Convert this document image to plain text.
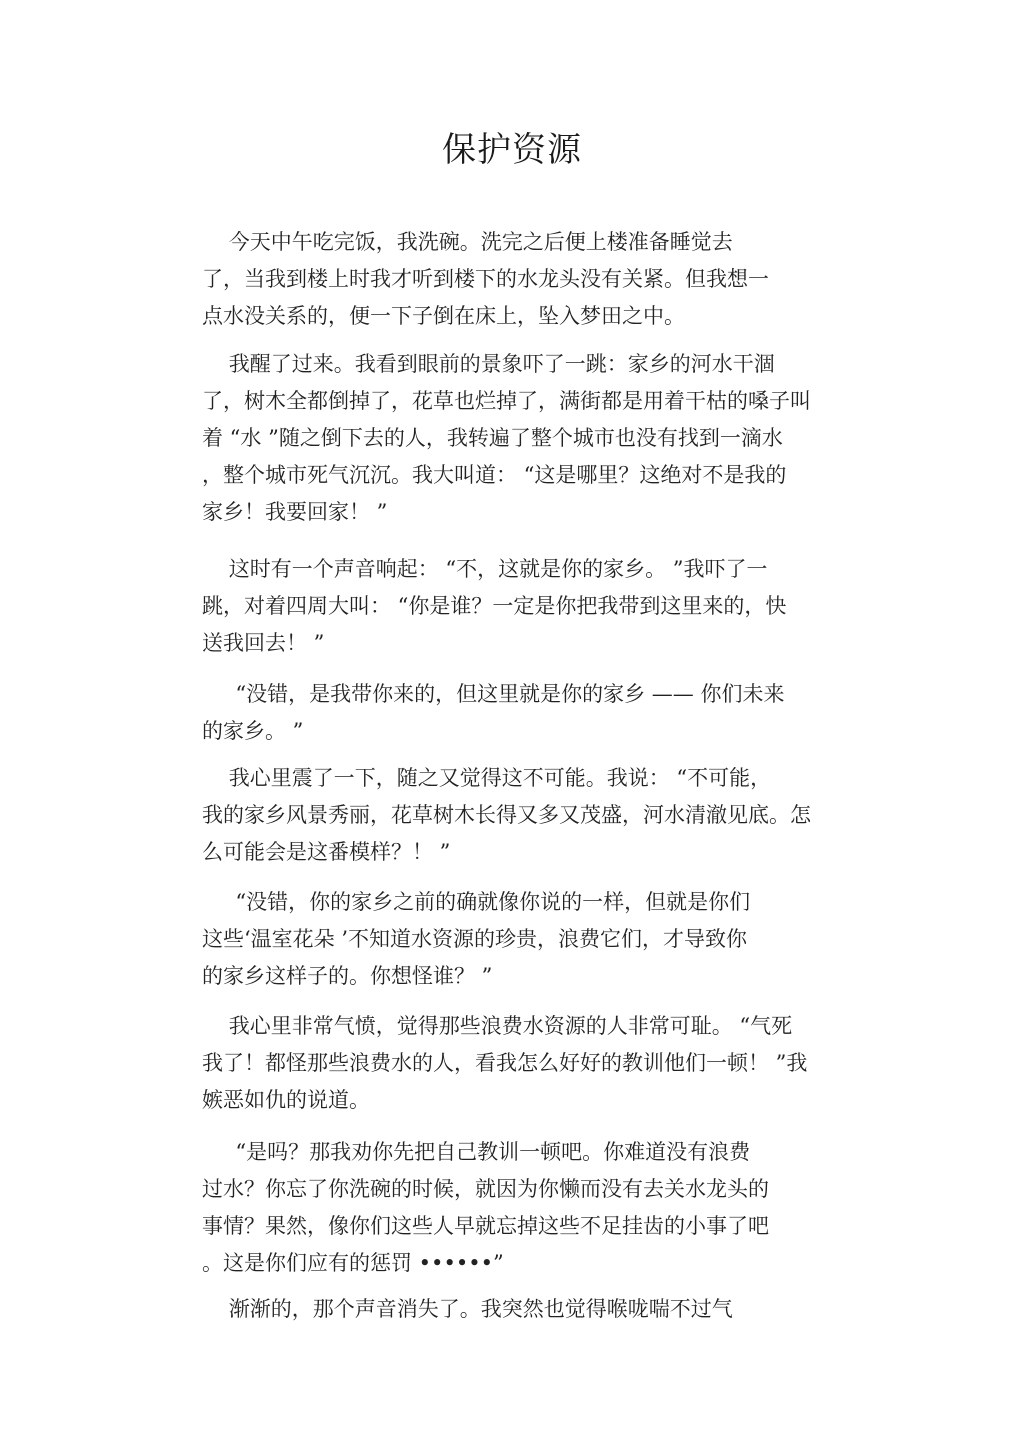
保护资源
今天中午吃完饭，我洗碗。洗完之后便上楼准备睡觉去
了，当我到楼上时我才听到楼下的水龙头没有关紧。但我想一
点水没关系的，便一下子倒在床上，坠入梦田之中。
我醒了过来。我看到眼前的景象吓了一跳：家乡的河水干涸
了，树木全都倒掉了，花草也烂掉了，满街都是用着干枯的嗓子叫
着 “水 ”随之倒下去的人，我转遍了整个城市也没有找到一滴水
，整个城市死气沉沉。我大叫道： “这是哪里？这绝对不是我的
家乡！我要回家！ ”
这时有一个声音响起： “不，这就是你的家乡。 ”我吓了一
跳，对着四周大叫： “你是谁？一定是你把我带到这里来的，快
送我回去！ ”
“没错，是我带你来的，但这里就是你的家乡 —— 你们未来
的家乡。 ”
我心里震了一下，随之又觉得这不可能。我说： “不可能，
我的家乡风景秀丽，花草树木长得又多又茂盛，河水清澈见底。怎
么可能会是这番模样？！ ”
“没错，你的家乡之前的确就像你说的一样，但就是你们
这些‘温室花朵 ’不知道水资源的珍贵，浪费它们，才导致你
的家乡这样子的。你想怪谁？ ”
我心里非常气愤，觉得那些浪费水资源的人非常可耻。 “气死
我了！都怪那些浪费水的人，看我怎么好好的教训他们一顿！ ”我
嫉恶如仇的说道。
“是吗？那我劝你先把自己教训一顿吧。你难道没有浪费
过水？你忘了你洗碗的时候，就因为你懒而没有去关水龙头的
事情？果然，像你们这些人早就忘掉这些不足挂齿的小事了吧
。这是你们应有的惩罚 ••••••”
渐渐的，那个声音消失了。我突然也觉得喉咙喘不过气
